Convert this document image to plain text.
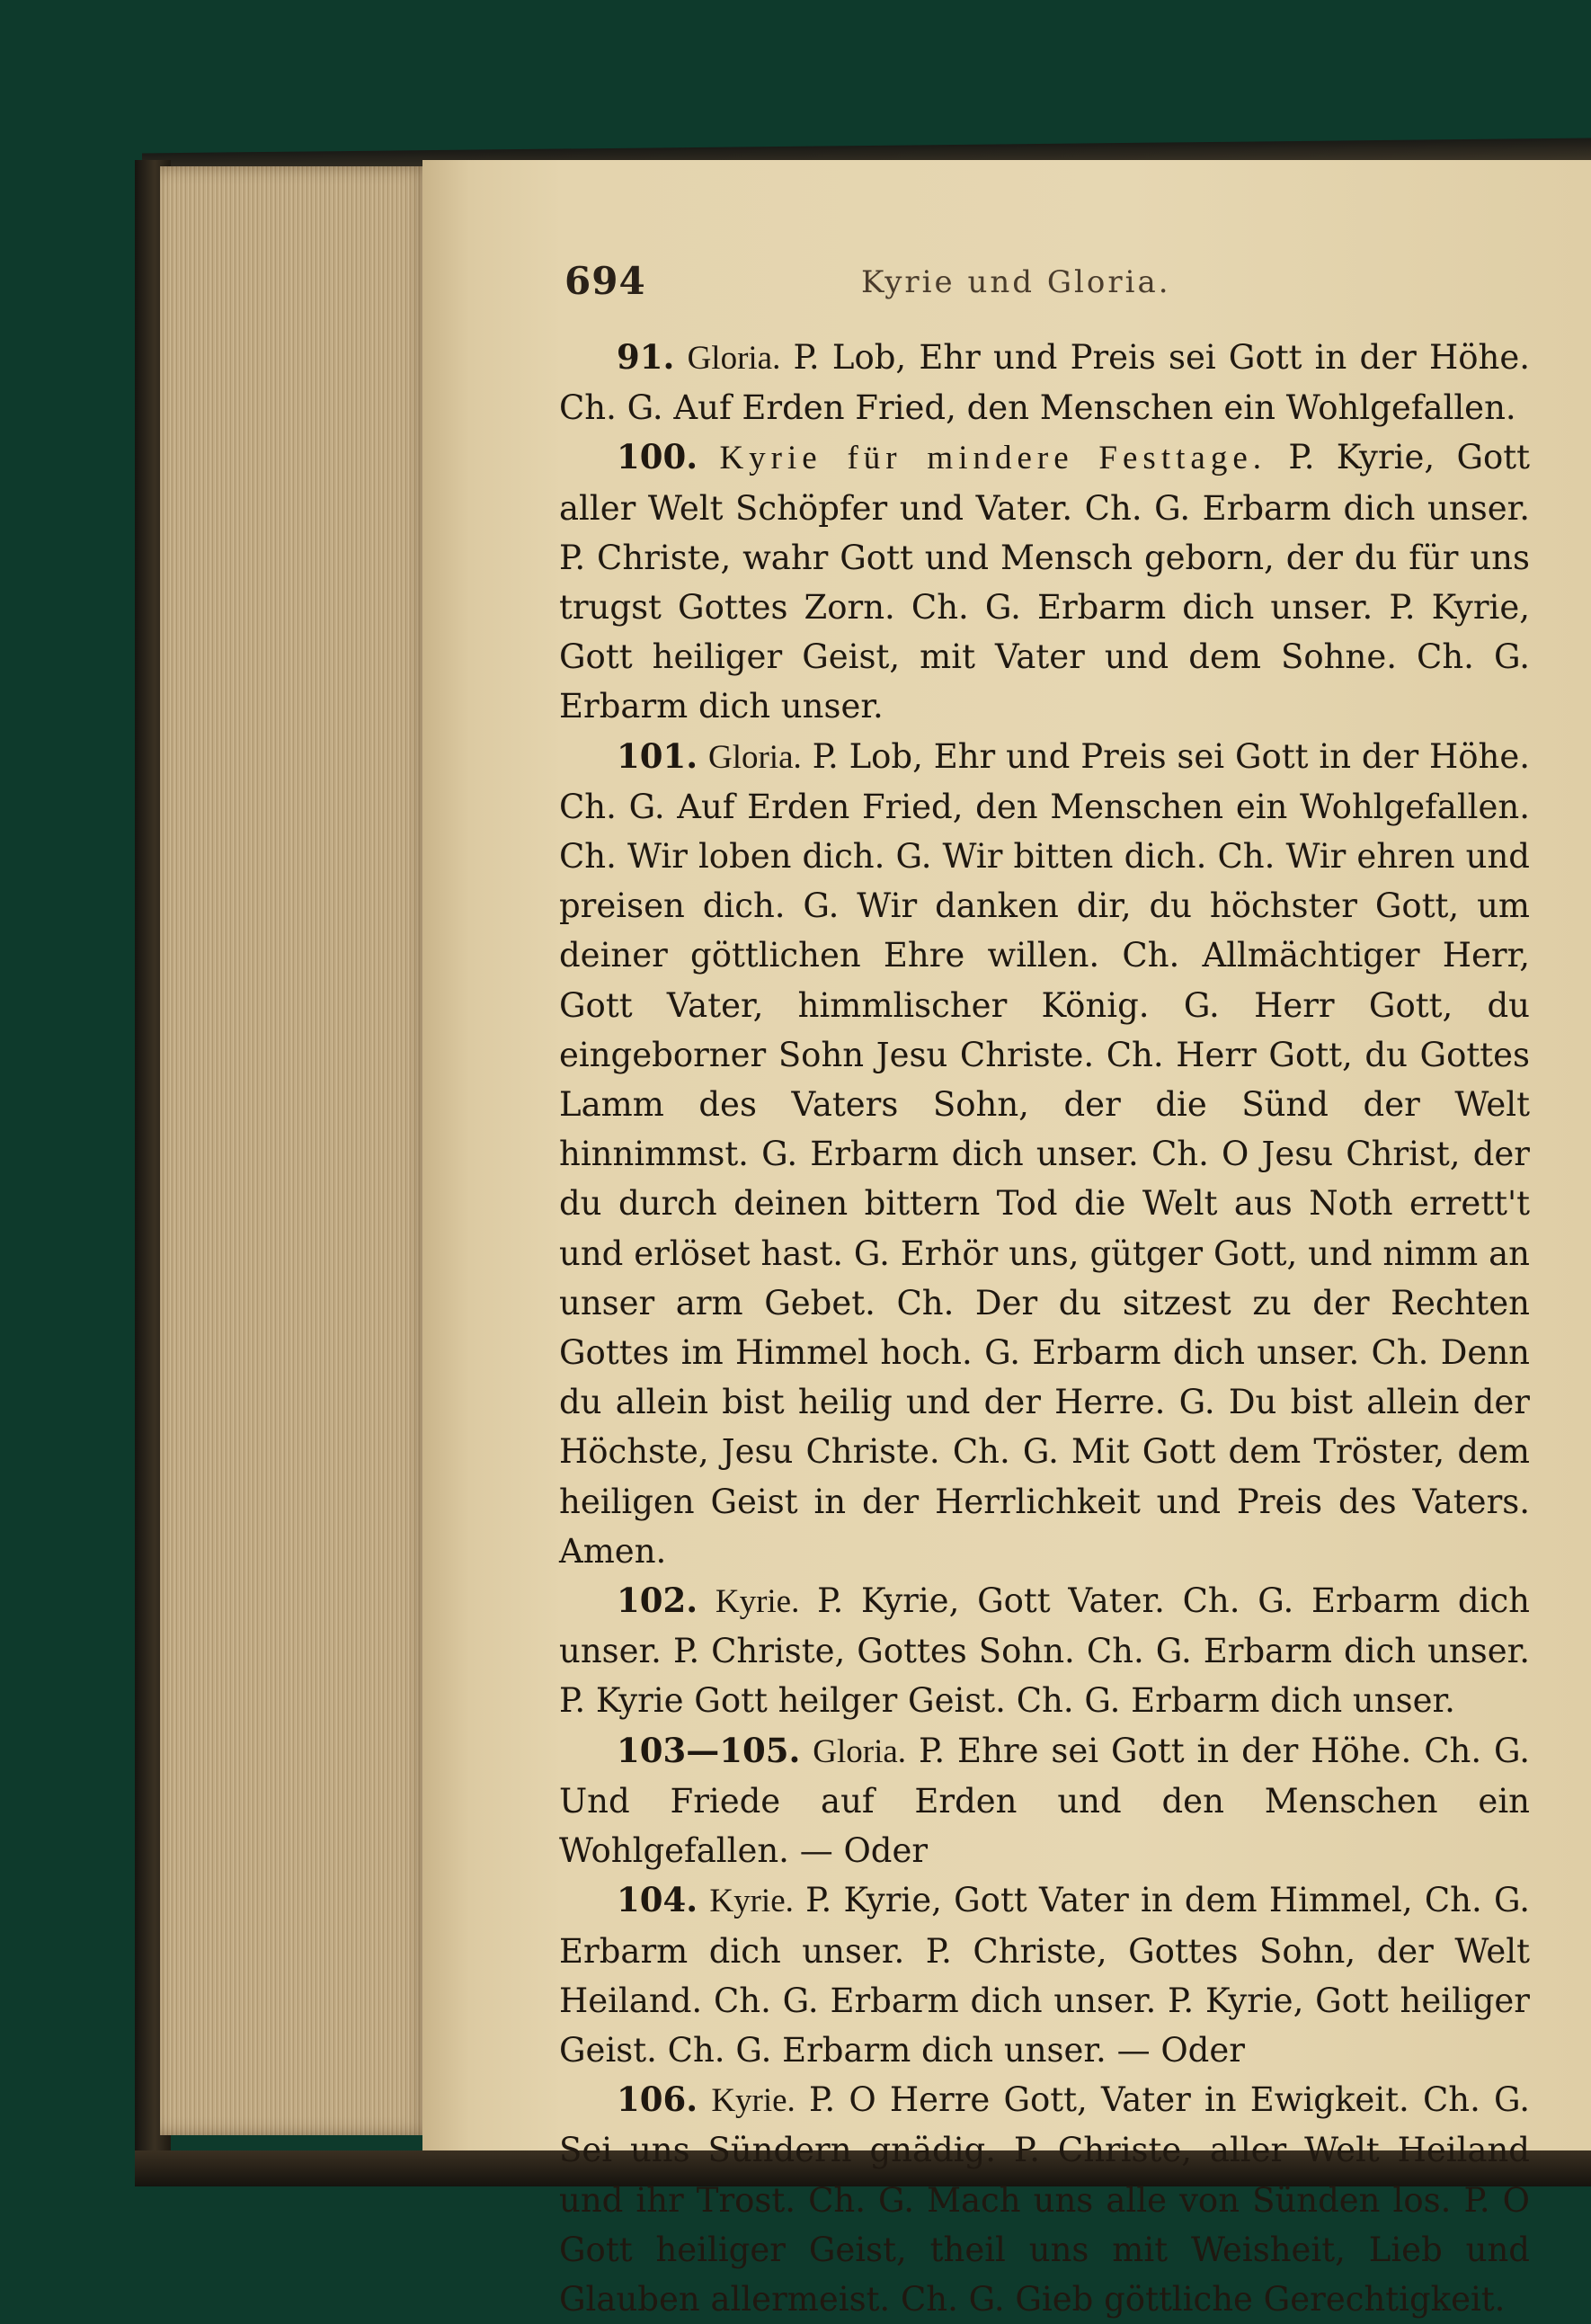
694	Kyrie und Gloria.

91. Gloria. P. Lob, Ehr und Preis sei Gott in der Höhe. Ch. G. Auf Erden Fried, den Menschen ein Wohlgefallen.

100. Kyrie für mindere Festtage. P. Kyrie, Gott aller Welt Schöpfer und Vater. Ch. G. Erbarm dich unser. P. Christe, wahr Gott und Mensch geborn, der du für uns trugst Gottes Zorn. Ch. G. Erbarm dich unser. P. Kyrie, Gott heiliger Geist, mit Vater und dem Sohne. Ch. G. Erbarm dich unser.

101. Gloria. P. Lob, Ehr und Preis sei Gott in der Höhe. Ch. G. Auf Erden Fried, den Menschen ein Wohlgefallen. Ch. Wir loben dich. G. Wir bitten dich. Ch. Wir ehren und preisen dich. G. Wir danken dir, du höchster Gott, um deiner göttlichen Ehre willen. Ch. Allmächtiger Herr, Gott Vater, himmlischer König. G. Herr Gott, du eingeborner Sohn Jesu Christe. Ch. Herr Gott, du Gottes Lamm des Vaters Sohn, der die Sünd der Welt hinnimmst. G. Erbarm dich unser. Ch. O Jesu Christ, der du durch deinen bittern Tod die Welt aus Noth errett't und erlöset hast. G. Erhör uns, gütger Gott, und nimm an unser arm Gebet. Ch. Der du sitzest zu der Rechten Gottes im Himmel hoch. G. Erbarm dich unser. Ch. Denn du allein bist heilig und der Herre. G. Du bist allein der Höchste, Jesu Christe. Ch. G. Mit Gott dem Tröster, dem heiligen Geist in der Herrlichkeit und Preis des Vaters. Amen.

102. Kyrie. P. Kyrie, Gott Vater. Ch. G. Erbarm dich unser. P. Christe, Gottes Sohn. Ch. G. Erbarm dich unser. P. Kyrie Gott heilger Geist. Ch. G. Erbarm dich unser.

103—105. Gloria. P. Ehre sei Gott in der Höhe. Ch. G. Und Friede auf Erden und den Menschen ein Wohlgefallen. — Oder

104. Kyrie. P. Kyrie, Gott Vater in dem Himmel, Ch. G. Erbarm dich unser. P. Christe, Gottes Sohn, der Welt Heiland. Ch. G. Erbarm dich unser. P. Kyrie, Gott heiliger Geist. Ch. G. Erbarm dich unser. — Oder

106. Kyrie. P. O Herre Gott, Vater in Ewigkeit. Ch. G. Sei uns Sündern gnädig. P. Christe, aller Welt Heiland und ihr Trost. Ch. G. Mach uns alle von Sünden los. P. O Gott heiliger Geist, theil uns mit Weisheit, Lieb und Glauben allermeist. Ch. G. Gieb göttliche Gerechtigkeit.
